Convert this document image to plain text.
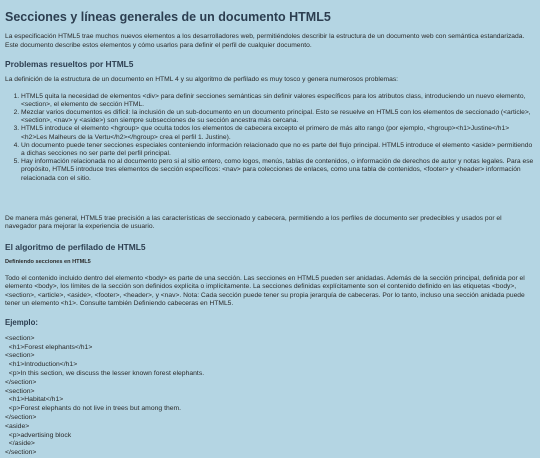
Secciones y líneas generales de un documento HTML5

La especificación HTML5 trae muchos nuevos elementos a los desarrolladores web, permitiéndoles describir la estructura de un documento web con semántica estandarizada. Este documento describe estos elementos y cómo usarlos para definir el perfil de cualquier documento.

Problemas resueltos por HTML5

La definición de la estructura de un documento en HTML 4 y su algoritmo de perfilado es muy tosco y genera numerosos problemas:

1. HTML5 quita la necesidad de elementos <div> para definir secciones semánticas sin definir valores específicos para los atributos class, introduciendo un nuevo elemento, <section>, el elemento de sección HTML.
2. Mezclar varios documentos es difícil: la inclusión de un sub-documento en un documento principal. Esto se resuelve en HTML5 con los elementos de seccionado (<article>, <section>, <nav> y <aside>) son siempre subsecciones de su sección ancestra más cercana.
3. HTML5 introduce el elemento <hgroup> que oculta todos los elementos de cabecera excepto el primero de más alto rango (por ejemplo, <hgroup><h1>Justine</h1><h2>Les Malheurs de la Vertu</h2></hgroup> crea el perfil 1. Justine).
4. Un documento puede tener secciones especiales conteniendo información relacionado que no es parte del flujo principal. HTML5 introduce el elemento <aside> permitiendo a dichas secciones no ser parte del perfil principal.
5. Hay información relacionada no al documento pero si al sitio entero, como logos, menús, tablas de contenidos, o información de derechos de autor y notas legales. Para ese propósito, HTML5 introduce tres elementos de sección específicos: <nav> para colecciones de enlaces, como una tabla de contenidos, <footer> y <header> información relacionada con el sitio.

De manera más general, HTML5 trae precisión a las características de seccionado y cabecera, permitiendo a los perfiles de documento ser predecibles y usados por el navegador para mejorar la experiencia de usuario.

El algoritmo de perfilado de HTML5
Definiendo secciones en HTML5

Todo el contenido incluido dentro del elemento <body> es parte de una sección. Las secciones en HTML5 pueden ser anidadas. Además de la sección principal, definida por el elemento <body>, los límites de la sección son definidos explícita o implícitamente. La secciones definidas explícitamente son el contenido definido en las etiquetas <body>, <section>, <article>, <aside>, <footer>, <header>, y <nav>. Nota: Cada sección puede tener su propia jerarquía de cabeceras. Por lo tanto, incluso una sección anidada puede tener un elemento <h1>. Consulte también Definiendo cabeceras en HTML5.

Ejemplo:
<section>
<h1>Forest elephants</h1>
<section>
<h1>Introduction</h1>
<p>In this section, we discuss the lesser known forest elephants.
</section>
<section>
<h1>Habitat</h1>
<p>Forest elephants do not live in trees but among them.
</section>
<aside>
<p>advertising block
</aside>
</section>
